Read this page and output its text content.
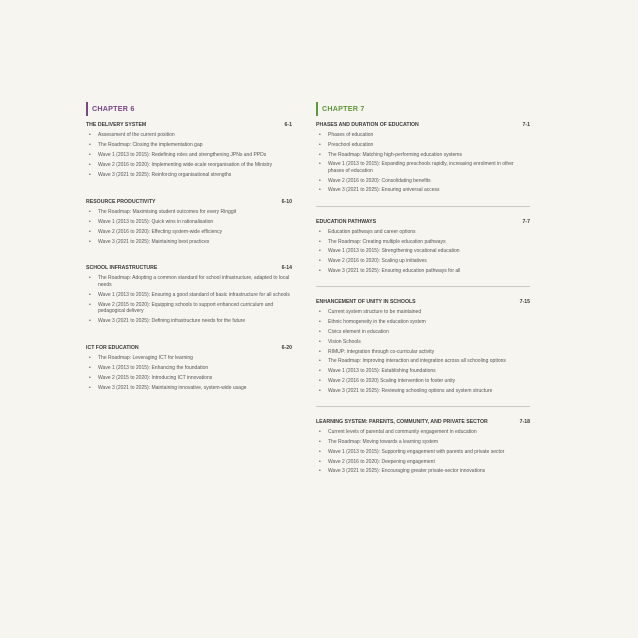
CHAPTER 6
THE DELIVERY SYSTEM	6-1
• Assessment of the current position
• The Roadmap: Closing the implementation gap
• Wave 1 (2013 to 2015): Redefining roles and strengthening JPNs and PPDs
• Wave 2 (2016 to 2020): Implementing wide-scale reorganisation of the Ministry
• Wave 3 (2021 to 2025): Reinforcing organisational strengths
RESOURCE PRODUCTIVITY	6-10
• The Roadmap: Maximising student outcomes for every Ringgit
• Wave 1 (2013 to 2015): Quick wins in rationalisation
• Wave 2 (2016 to 2020): Effecting system-wide efficiency
• Wave 3 (2021 to 2025): Maintaining best practices
SCHOOL INFRASTRUCTURE	6-14
• The Roadmap: Adopting a common standard for school infrastructure, adapted to local needs
• Wave 1 (2013 to 2015): Ensuring a good standard of basic infrastructure for all schools
• Wave 2 (2015 to 2020): Equipping schools to support enhanced curriculum and pedagogical delivery
• Wave 3 (2021 to 2025): Defining infrastructure needs for the future
ICT FOR EDUCATION	6-20
• The Roadmap: Leveraging ICT for learning
• Wave 1 (2013 to 2015): Enhancing the foundation
• Wave 2 (2015 to 2020): Introducing ICT innovations
• Wave 3 (2021 to 2025): Maintaining innovative, system-wide usage
CHAPTER 7
PHASES AND DURATION OF EDUCATION	7-1
• Phases of education
• Preschool education
• The Roadmap: Matching high-performing education systems
• Wave 1 (2013 to 2015): Expanding preschools rapidly, increasing enrolment in other phases of education
• Wave 2 (2016 to 2020): Consolidating benefits
• Wave 3 (2021 to 2025): Ensuring universal access
EDUCATION PATHWAYS	7-7
• Education pathways and career options
• The Roadmap: Creating multiple education pathways
• Wave 1 (2013 to 2015): Strengthening vocational education
• Wave 2 (2016 to 2020): Scaling up initiatives
• Wave 3 (2021 to 2025): Ensuring education pathways for all
ENHANCEMENT OF UNITY IN SCHOOLS	7-15
• Current system structure to be maintained
• Ethnic homogeneity in the education system
• Civics element in education
• Vision Schools
• RIMUP: integration through co-curricular activity
• The Roadmap: Improving interaction and integration across all schooling options
• Wave 1 (2013 to 2015): Establishing foundations
• Wave 2 (2016 to 2020) Scaling intervention to foster unity
• Wave 3 (2021 to 2025): Reviewing schooling options and system structure
LEARNING SYSTEM: PARENTS, COMMUNITY, AND PRIVATE SECTOR	7-18
• Current levels of parental and community engagement in education
• The Roadmap: Moving towards a learning system
• Wave 1 (2013 to 2015): Supporting engagement with parents and private sector
• Wave 2 (2016 to 2020): Deepening engagement
• Wave 3 (2021 to 2025): Encouraging greater private-sector innovations
